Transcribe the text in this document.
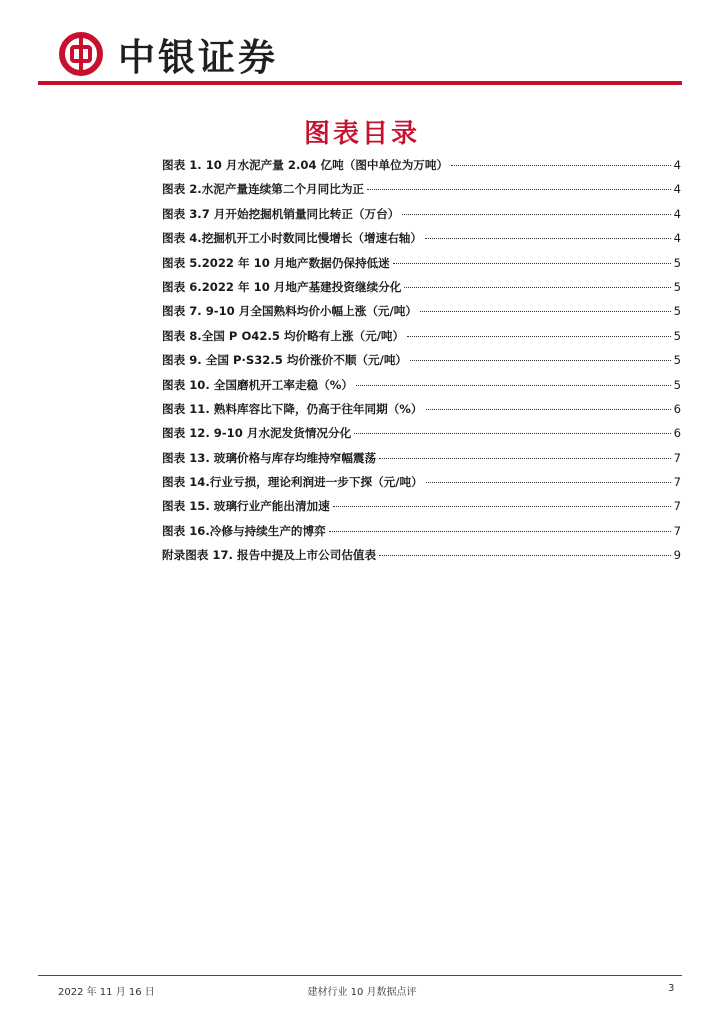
中银证券
图表目录
图表 1. 10 月水泥产量 2.04 亿吨（图中单位为万吨）	4
图表 2.水泥产量连续第二个月同比为正	4
图表 3.7 月开始挖掘机销量同比转正（万台）	4
图表 4.挖掘机开工小时数同比慢增长（增速右轴）	4
图表 5.2022 年 10 月地产数据仍保持低迷	5
图表 6.2022 年 10 月地产基建投资继续分化	5
图表 7. 9-10 月全国熟料均价小幅上涨（元/吨）	5
图表 8.全国 P O42.5 均价略有上涨（元/吨）	5
图表 9. 全国 P·S32.5 均价涨价不顺（元/吨）	5
图表 10. 全国磨机开工率走稳（%）	5
图表 11. 熟料库容比下降，仍高于往年同期（%）	6
图表 12. 9-10 月水泥发货情况分化	6
图表 13. 玻璃价格与库存均维持窄幅震荡	7
图表 14.行业亏损，理论利润进一步下探（元/吨）	7
图表 15. 玻璃行业产能出清加速	7
图表 16.冷修与持续生产的博弈	7
附录图表 17. 报告中提及上市公司估值表	9
2022 年 11 月 16 日	建材行业 10 月数据点评	3
